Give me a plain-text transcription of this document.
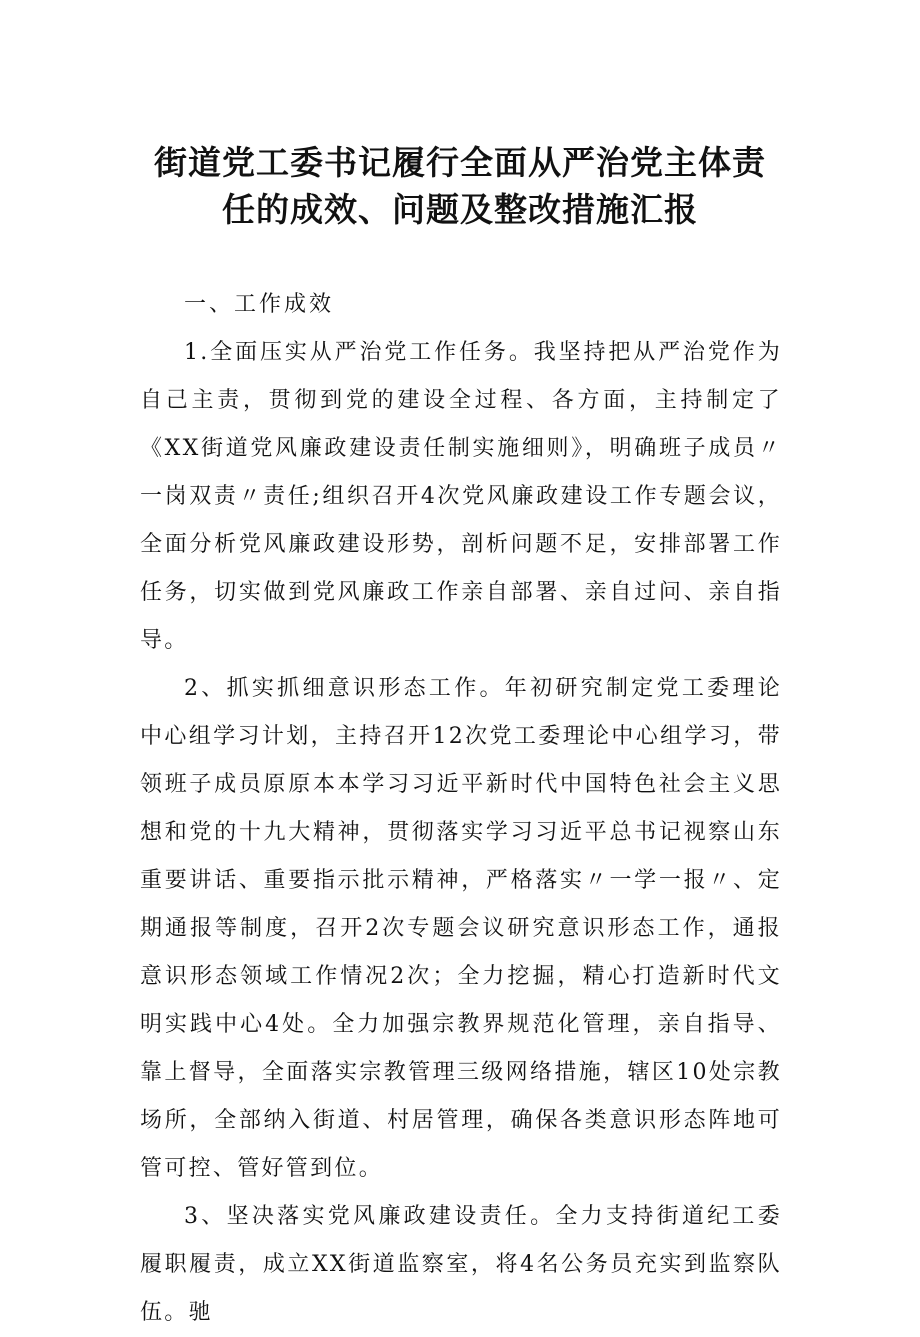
街道党工委书记履行全面从严治党主体责
任的成效、问题及整改措施汇报

一、工作成效

1.全面压实从严治党工作任务。我坚持把从严治党作为自己主责，贯彻到党的建设全过程、各方面，主持制定了《XX街道党风廉政建设责任制实施细则》，明确班子成员〃一岗双责〃责任;组织召开4次党风廉政建设工作专题会议，全面分析党风廉政建设形势，剖析问题不足，安排部署工作任务，切实做到党风廉政工作亲自部署、亲自过问、亲自指导。

2、抓实抓细意识形态工作。年初研究制定党工委理论中心组学习计划，主持召开12次党工委理论中心组学习，带领班子成员原原本本学习习近平新时代中国特色社会主义思想和党的十九大精神，贯彻落实学习习近平总书记视察山东重要讲话、重要指示批示精神，严格落实〃一学一报〃、定期通报等制度，召开2次专题会议研究意识形态工作，通报意识形态领域工作情况2次；全力挖掘，精心打造新时代文明实践中心4处。全力加强宗教界规范化管理，亲自指导、靠上督导，全面落实宗教管理三级网络措施，辖区10处宗教场所，全部纳入街道、村居管理，确保各类意识形态阵地可管可控、管好管到位。

3、坚决落实党风廉政建设责任。全力支持街道纪工委履职履责，成立XX街道监察室，将4名公务员充实到监察队伍。驰
